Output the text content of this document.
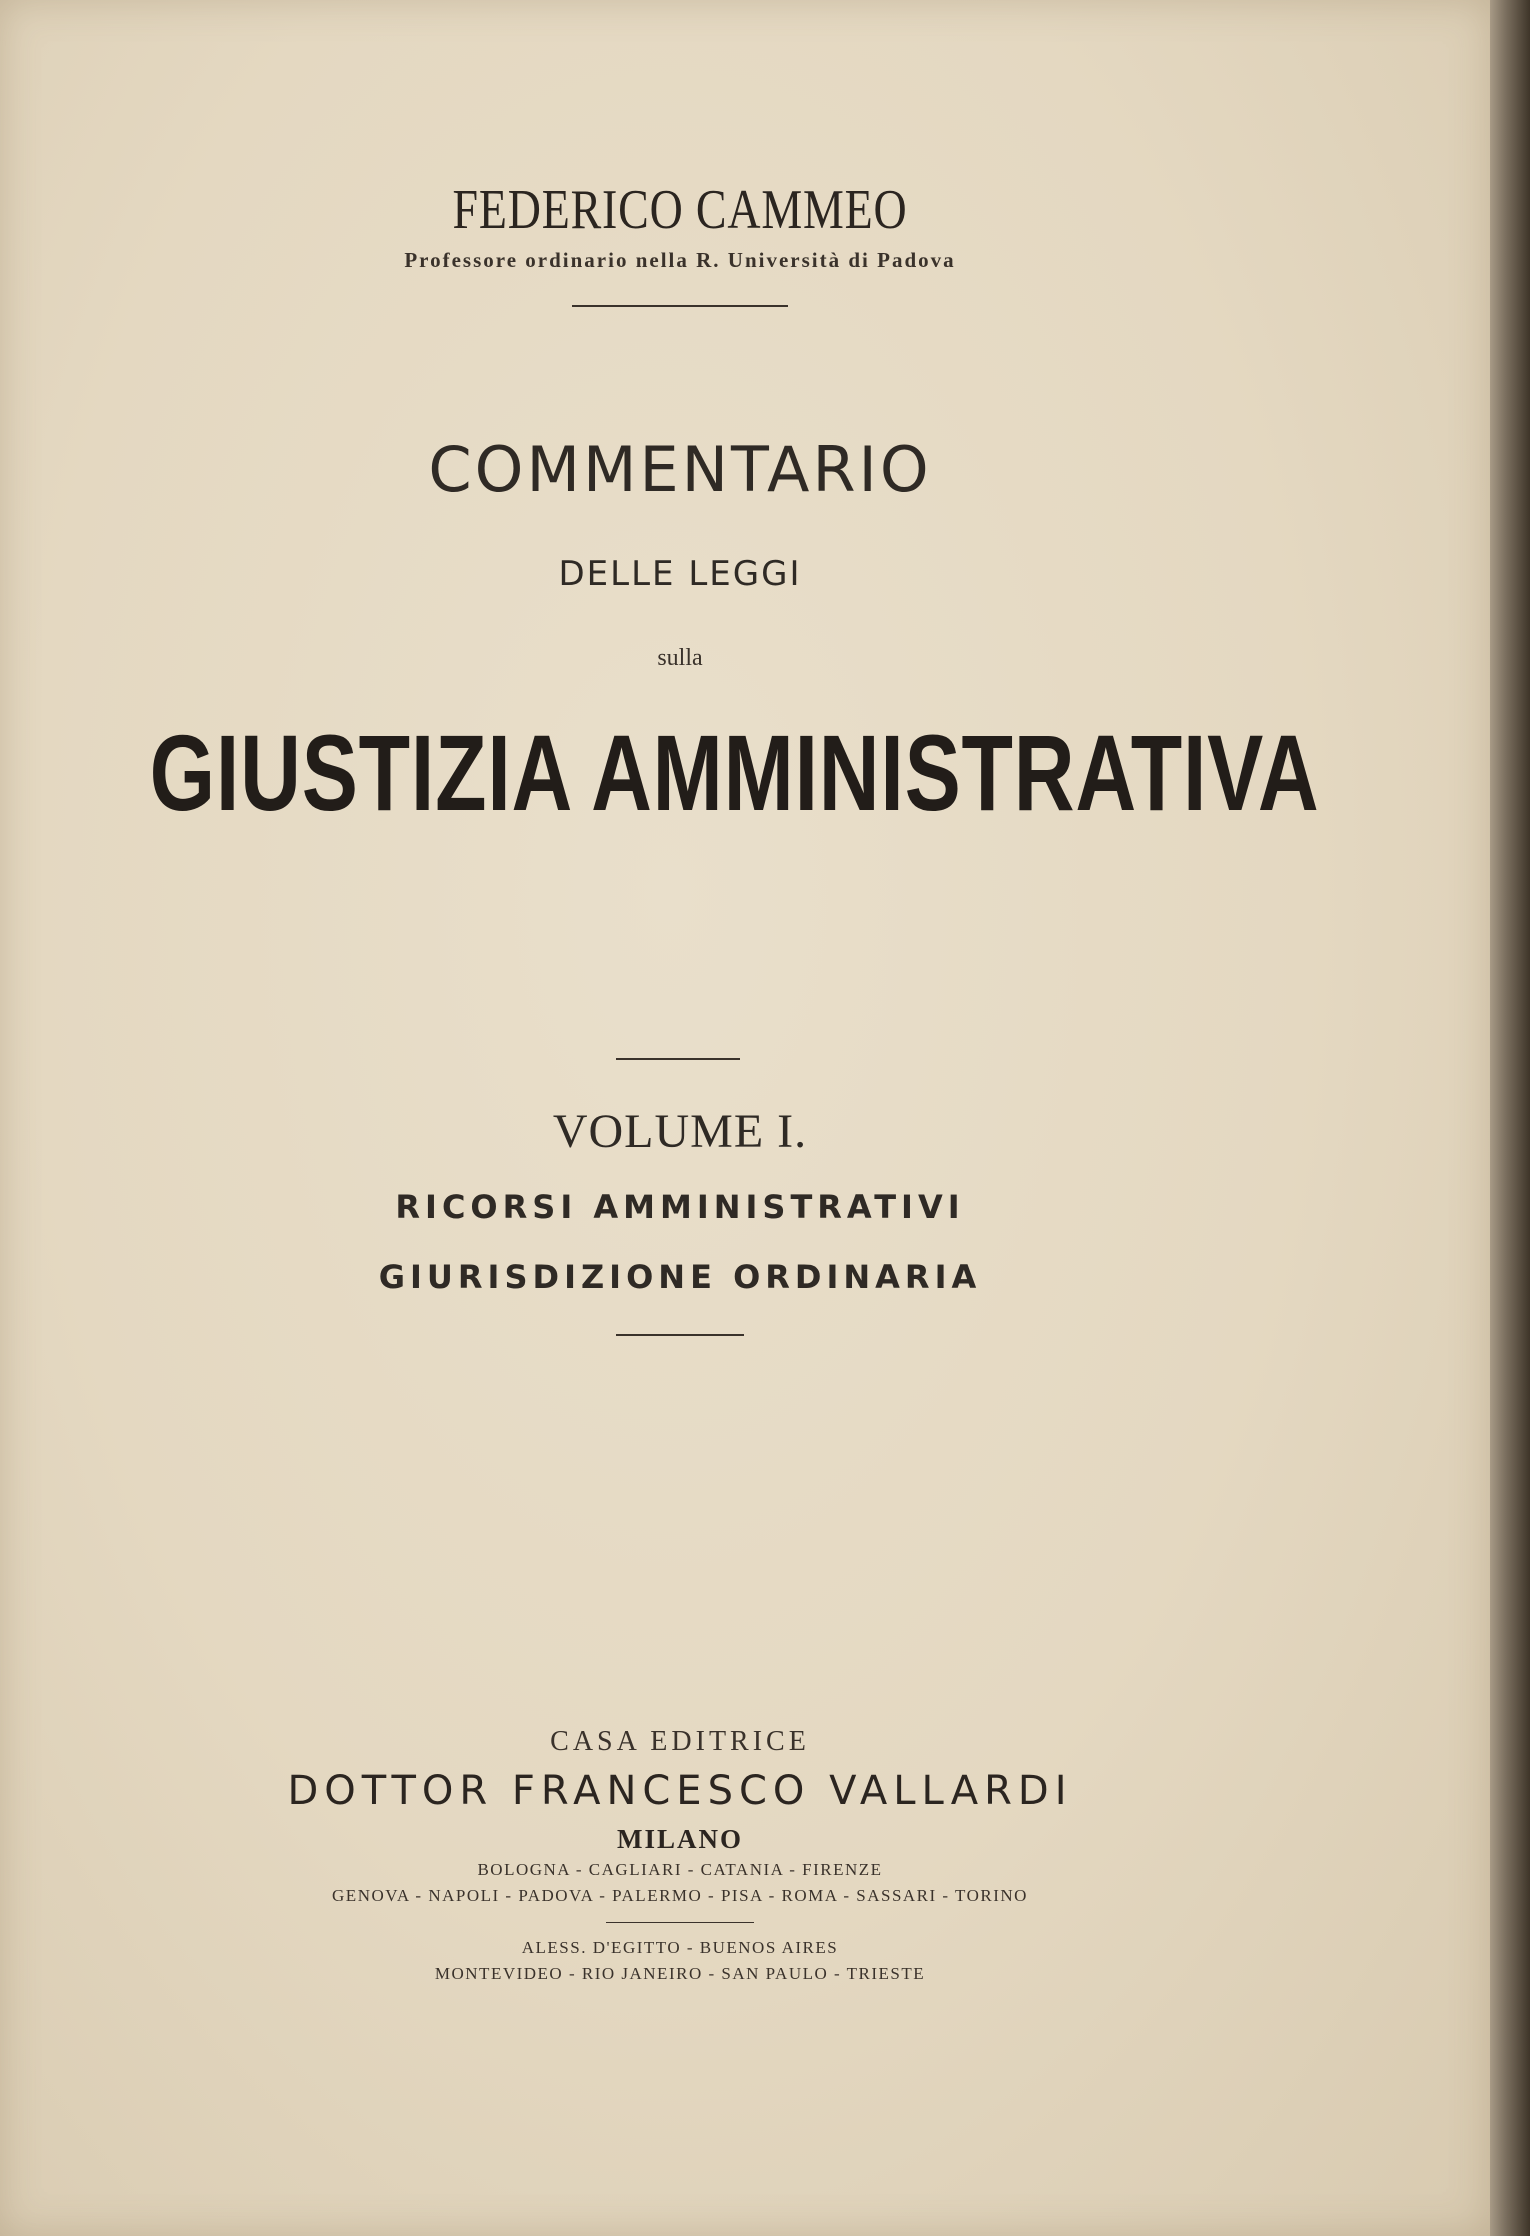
FEDERICO CAMMEO

Professore ordinario nella R. Università di Padova

COMMENTARIO

DELLE LEGGI

sulla

GIUSTIZIA AMMINISTRATIVA

VOLUME I.

RICORSI AMMINISTRATIVI

GIURISDIZIONE ORDINARIA

CASA EDITRICE

DOTTOR FRANCESCO VALLARDI

MILANO

BOLOGNA - CAGLIARI - CATANIA - FIRENZE

GENOVA - NAPOLI - PADOVA - PALERMO - PISA - ROMA - SASSARI - TORINO

ALESS. D'EGITTO - BUENOS AIRES

MONTEVIDEO - RIO JANEIRO - SAN PAULO - TRIESTE
